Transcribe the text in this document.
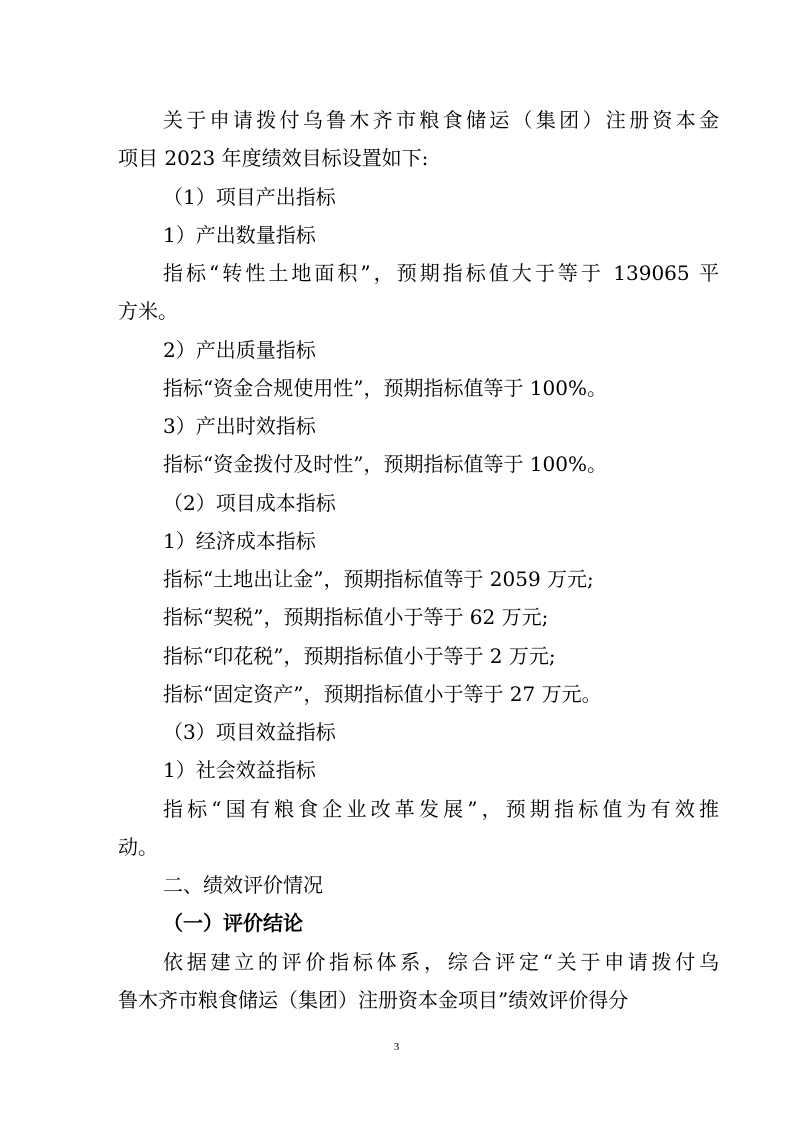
关于申请拨付乌鲁木齐市粮食储运（集团）注册资本金
项目 2023 年度绩效目标设置如下:
（1）项目产出指标
1）产出数量指标
指标“转性土地面积”，预期指标值大于等于 139065 平
方米。
2）产出质量指标
指标“资金合规使用性”，预期指标值等于 100%。
3）产出时效指标
指标“资金拨付及时性”，预期指标值等于 100%。
（2）项目成本指标
1）经济成本指标
指标“土地出让金”，预期指标值等于 2059 万元;
指标“契税”，预期指标值小于等于 62 万元;
指标“印花税”，预期指标值小于等于 2 万元;
指标“固定资产”，预期指标值小于等于 27 万元。
（3）项目效益指标
1）社会效益指标
指标“国有粮食企业改革发展”，预期指标值为有效推
动。
二、绩效评价情况
（一）评价结论
依据建立的评价指标体系，综合评定“关于申请拨付乌
鲁木齐市粮食储运（集团）注册资本金项目”绩效评价得分
3
